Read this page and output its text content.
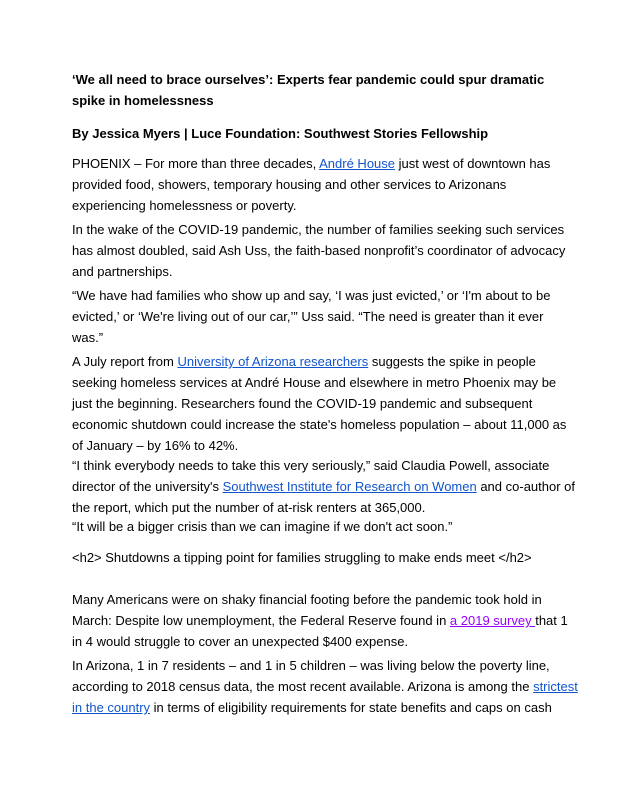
‘We all need to brace ourselves’: Experts fear pandemic could spur dramatic
spike in homelessness
By Jessica Myers | Luce Foundation: Southwest Stories Fellowship
PHOENIX – For more than three decades, André House just west of downtown has
provided food, showers, temporary housing and other services to Arizonans
experiencing homelessness or poverty.
In the wake of the COVID-19 pandemic, the number of families seeking such services
has almost doubled, said Ash Uss, the faith-based nonprofit’s coordinator of advocacy
and partnerships.
“We have had families who show up and say, ‘I was just evicted,’ or ‘I'm about to be
evicted,’ or ‘We're living out of our car,’” Uss said. “The need is greater than it ever
was.”
A July report from University of Arizona researchers suggests the spike in people
seeking homeless services at André House and elsewhere in metro Phoenix may be
just the beginning. Researchers found the COVID-19 pandemic and subsequent
economic shutdown could increase the state's homeless population – about 11,000 as
of January – by 16% to 42%.
“I think everybody needs to take this very seriously,” said Claudia Powell, associate
director of the university's Southwest Institute for Research on Women and co-author of
the report, which put the number of at-risk renters at 365,000.
“It will be a bigger crisis than we can imagine if we don't act soon.”
<h2> Shutdowns a tipping point for families struggling to make ends meet </h2>
Many Americans were on shaky financial footing before the pandemic took hold in
March: Despite low unemployment, the Federal Reserve found in a 2019 survey that 1
in 4 would struggle to cover an unexpected $400 expense.
In Arizona, 1 in 7 residents – and 1 in 5 children – was living below the poverty line,
according to 2018 census data, the most recent available. Arizona is among the strictest
in the country in terms of eligibility requirements for state benefits and caps on cash
